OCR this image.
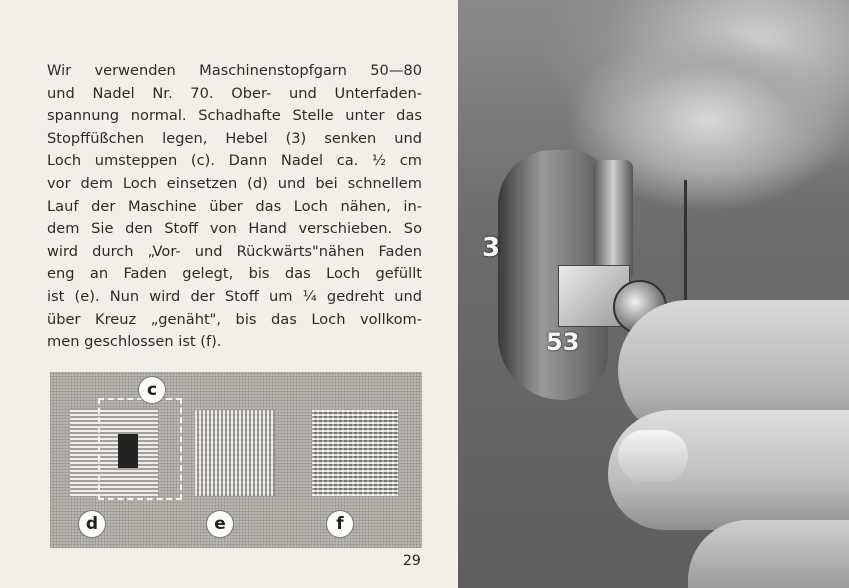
Wir verwenden Maschinenstopfgarn 50—80
und Nadel Nr. 70. Ober- und Unterfaden-
spannung normal. Schadhafte Stelle unter das
Stopffüßchen legen, Hebel (3) senken und
Loch umsteppen (c). Dann Nadel ca. ½ cm
vor dem Loch einsetzen (d) und bei schnellem
Lauf der Maschine über das Loch nähen, in-
dem Sie den Stoff von Hand verschieben. So
wird durch „Vor- und Rückwärts"nähen Faden
eng an Faden gelegt, bis das Loch gefüllt
ist (e). Nun wird der Stoff um ¼ gedreht und
über Kreuz „genäht", bis das Loch vollkom-
men geschlossen ist (f).

c
d	e	f
29
3
53
